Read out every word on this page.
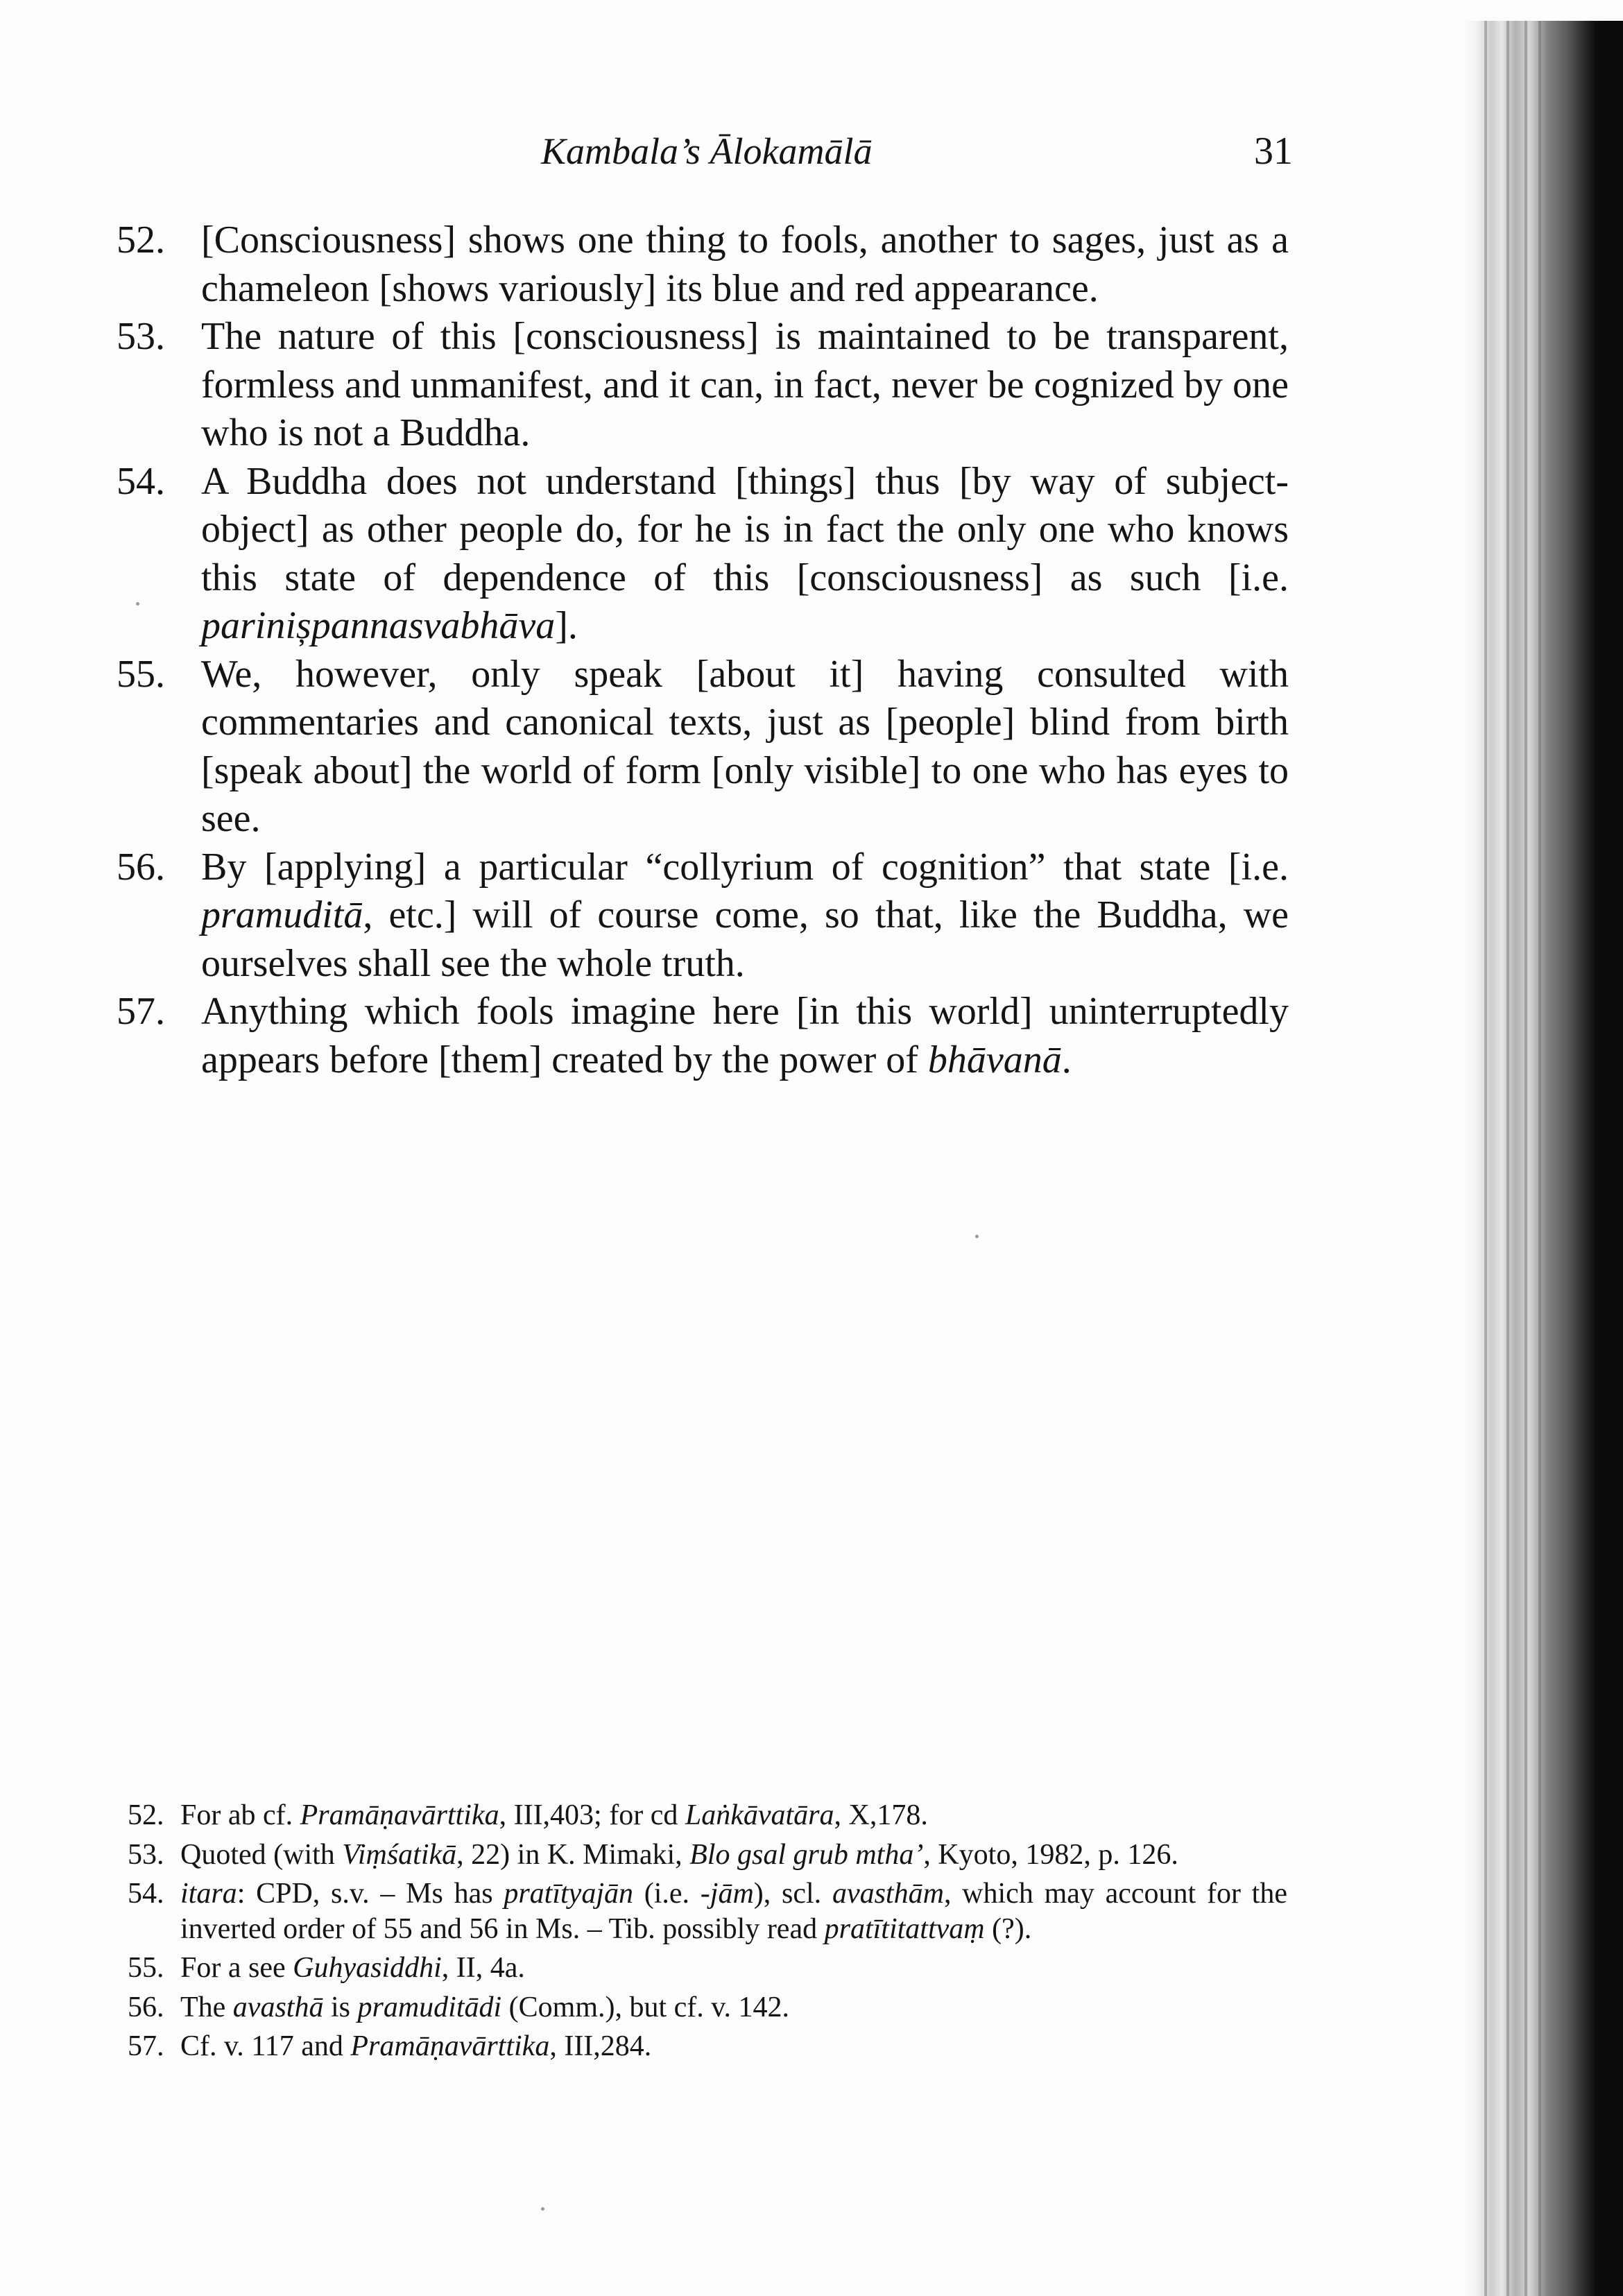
Kambala’s Ālokamālā	31
52. [Consciousness] shows one thing to fools, another to sages, just as a chameleon [shows variously] its blue and red appearance.
53. The nature of this [consciousness] is maintained to be transparent, formless and unmanifest, and it can, in fact, never be cognized by one who is not a Buddha.
54. A Buddha does not understand [things] thus [by way of subject-object] as other people do, for he is in fact the only one who knows this state of dependence of this [consciousness] as such [i.e. parinișpannasvabhāva].
55. We, however, only speak [about it] having consulted with commentaries and canonical texts, just as [people] blind from birth [speak about] the world of form [only visible] to one who has eyes to see.
56. By [applying] a particular “collyrium of cognition” that state [i.e. pramuditā, etc.] will of course come, so that, like the Buddha, we ourselves shall see the whole truth.
57. Anything which fools imagine here [in this world] uninterruptedly appears before [them] created by the power of bhāvanā.
52. For ab cf. Pramāṇavārttika, III,403; for cd Laṅkāvatāra, X,178.
53. Quoted (with Viṃśatikā, 22) in K. Mimaki, Blo gsal grub mtha’, Kyoto, 1982, p. 126.
54. itara: CPD, s.v. – Ms has pratītyajān (i.e. -jām), scl. avasthām, which may account for the inverted order of 55 and 56 in Ms. – Tib. possibly read pratītitattvaṃ (?).
55. For a see Guhyasiddhi, II, 4a.
56. The avasthā is pramuditādi (Comm.), but cf. v. 142.
57. Cf. v. 117 and Pramāṇavārttika, III,284.
